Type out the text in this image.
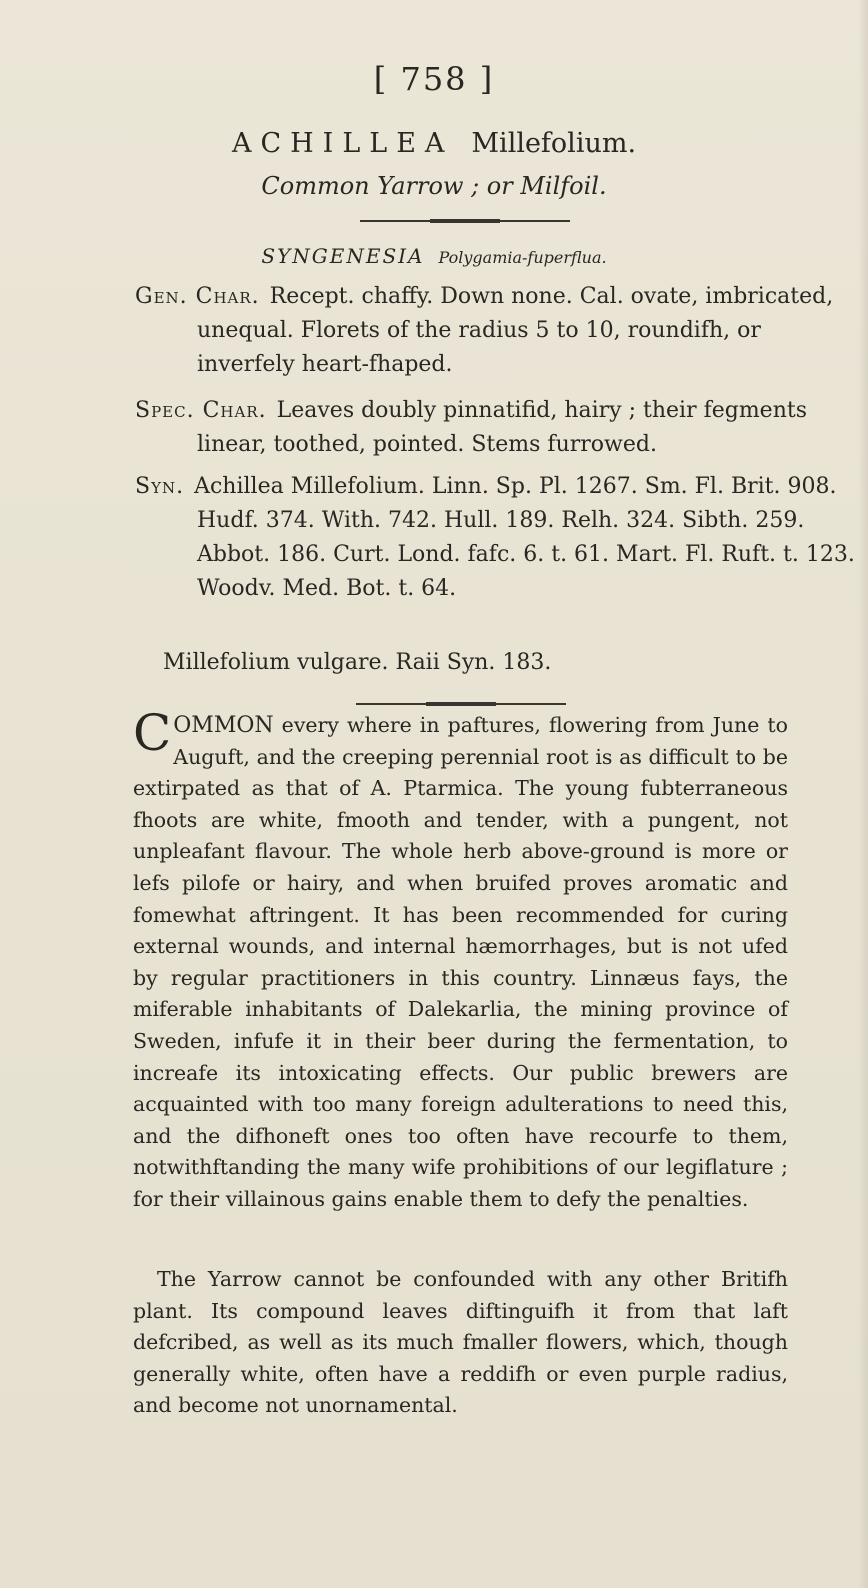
[ 758 ]
ACHILLEA Millefolium.
Common Yarrow ; or Milfoil.
SYNGENESIA Polygamia-fuperflua.
Gen. Char. Recept. chaffy. Down none. Cal. ovate, imbricated, unequal. Florets of the radius 5 to 10, roundifh, or inverfely heart-fhaped.
Spec. Char. Leaves doubly pinnatifid, hairy ; their fegments linear, toothed, pointed. Stems furrowed.
Syn. Achillea Millefolium. Linn. Sp. Pl. 1267. Sm. Fl. Brit. 908. Hudf. 374. With. 742. Hull. 189. Relh. 324. Sibth. 259. Abbot. 186. Curt. Lond. fafc. 6. t. 61. Mart. Fl. Ruft. t. 123. Woodv. Med. Bot. t. 64.
Millefolium vulgare. Raii Syn. 183.
COMMON every where in paftures, flowering from June to Auguft, and the creeping perennial root is as difficult to be extirpated as that of A. Ptarmica. The young fubterraneous fhoots are white, fmooth and tender, with a pungent, not unpleafant flavour. The whole herb above-ground is more or lefs pilofe or hairy, and when bruifed proves aromatic and fomewhat aftringent. It has been recommended for curing external wounds, and internal hæmorrhages, but is not ufed by regular practitioners in this country. Linnæus fays, the miferable inhabitants of Dalekarlia, the mining province of Sweden, infufe it in their beer during the fermentation, to increafe its intoxicating effects. Our public brewers are acquainted with too many foreign adulterations to need this, and the difhoneft ones too often have recourfe to them, notwithftanding the many wife prohibitions of our legiflature ; for their villainous gains enable them to defy the penalties.
The Yarrow cannot be confounded with any other Britifh plant. Its compound leaves diftinguifh it from that laft defcribed, as well as its much fmaller flowers, which, though generally white, often have a reddifh or even purple radius, and become not unornamental.
